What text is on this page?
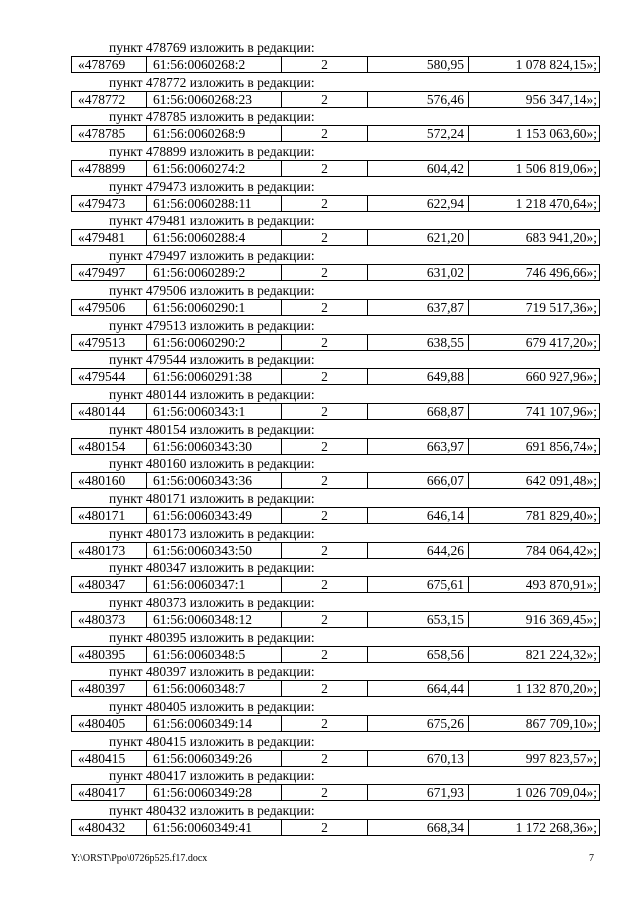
пункт 478769 изложить в редакции:
«478769	61:56:0060268:2	2	580,95	1 078 824,15»;
пункт 478772 изложить в редакции:
«478772	61:56:0060268:23	2	576,46	956 347,14»;
пункт 478785 изложить в редакции:
«478785	61:56:0060268:9	2	572,24	1 153 063,60»;
пункт 478899 изложить в редакции:
«478899	61:56:0060274:2	2	604,42	1 506 819,06»;
пункт 479473 изложить в редакции:
«479473	61:56:0060288:11	2	622,94	1 218 470,64»;
пункт 479481 изложить в редакции:
«479481	61:56:0060288:4	2	621,20	683 941,20»;
пункт 479497 изложить в редакции:
«479497	61:56:0060289:2	2	631,02	746 496,66»;
пункт 479506 изложить в редакции:
«479506	61:56:0060290:1	2	637,87	719 517,36»;
пункт 479513 изложить в редакции:
«479513	61:56:0060290:2	2	638,55	679 417,20»;
пункт 479544 изложить в редакции:
«479544	61:56:0060291:38	2	649,88	660 927,96»;
пункт 480144 изложить в редакции:
«480144	61:56:0060343:1	2	668,87	741 107,96»;
пункт 480154 изложить в редакции:
«480154	61:56:0060343:30	2	663,97	691 856,74»;
пункт 480160 изложить в редакции:
«480160	61:56:0060343:36	2	666,07	642 091,48»;
пункт 480171 изложить в редакции:
«480171	61:56:0060343:49	2	646,14	781 829,40»;
пункт 480173 изложить в редакции:
«480173	61:56:0060343:50	2	644,26	784 064,42»;
пункт 480347 изложить в редакции:
«480347	61:56:0060347:1	2	675,61	493 870,91»;
пункт 480373 изложить в редакции:
«480373	61:56:0060348:12	2	653,15	916 369,45»;
пункт 480395 изложить в редакции:
«480395	61:56:0060348:5	2	658,56	821 224,32»;
пункт 480397 изложить в редакции:
«480397	61:56:0060348:7	2	664,44	1 132 870,20»;
пункт 480405 изложить в редакции:
«480405	61:56:0060349:14	2	675,26	867 709,10»;
пункт 480415 изложить в редакции:
«480415	61:56:0060349:26	2	670,13	997 823,57»;
пункт 480417 изложить в редакции:
«480417	61:56:0060349:28	2	671,93	1 026 709,04»;
пункт 480432 изложить в редакции:
«480432	61:56:0060349:41	2	668,34	1 172 268,36»;
Y:\ORST\Ppo\0726p525.f17.docx	7
